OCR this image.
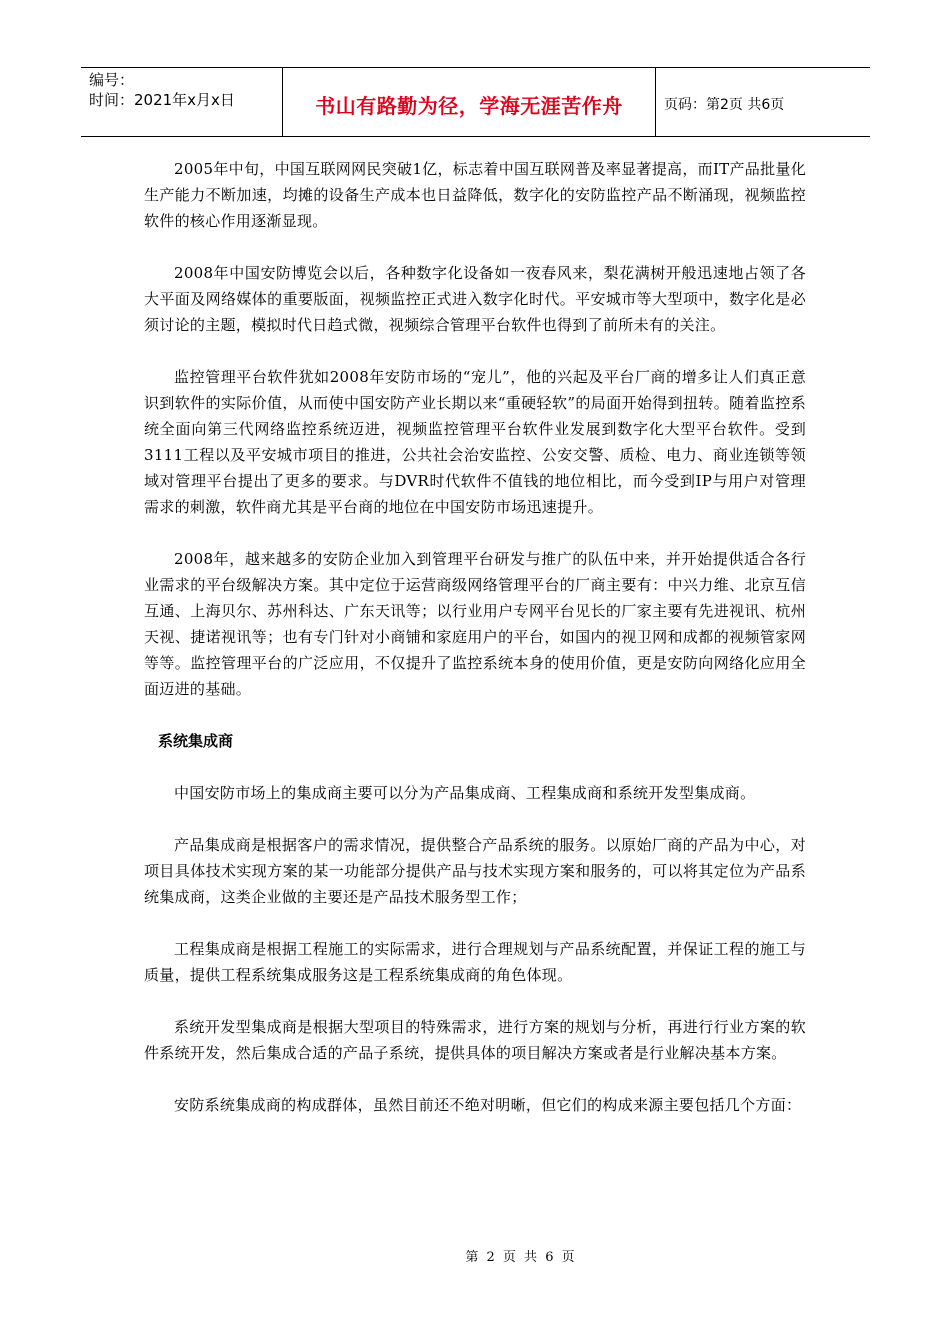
编号：
时间：2021年x月x日	书山有路勤为径，学海无涯苦作舟	页码：第2页 共6页

2005年中旬，中国互联网网民突破1亿，标志着中国互联网普及率显著提高，而IT产品批量化生产能力不断加速，均摊的设备生产成本也日益降低，数字化的安防监控产品不断涌现，视频监控软件的核心作用逐渐显现。

2008年中国安防博览会以后，各种数字化设备如一夜春风来，梨花满树开般迅速地占领了各大平面及网络媒体的重要版面，视频监控正式进入数字化时代。平安城市等大型项中，数字化是必须讨论的主题，模拟时代日趋式微，视频综合管理平台软件也得到了前所未有的关注。

监控管理平台软件犹如2008年安防市场的“宠儿”，他的兴起及平台厂商的增多让人们真正意识到软件的实际价值，从而使中国安防产业长期以来“重硬轻软”的局面开始得到扭转。随着监控系统全面向第三代网络监控系统迈进，视频监控管理平台软件业发展到数字化大型平台软件。受到3111工程以及平安城市项目的推进，公共社会治安监控、公安交警、质检、电力、商业连锁等领域对管理平台提出了更多的要求。与DVR时代软件不值钱的地位相比，而今受到IP与用户对管理需求的刺激，软件商尤其是平台商的地位在中国安防市场迅速提升。

2008年，越来越多的安防企业加入到管理平台研发与推广的队伍中来，并开始提供适合各行业需求的平台级解决方案。其中定位于运营商级网络管理平台的厂商主要有：中兴力维、北京互信互通、上海贝尔、苏州科达、广东天讯等；以行业用户专网平台见长的厂家主要有先进视讯、杭州天视、捷诺视讯等；也有专门针对小商铺和家庭用户的平台，如国内的视卫网和成都的视频管家网等等。监控管理平台的广泛应用，不仅提升了监控系统本身的使用价值，更是安防向网络化应用全面迈进的基础。

系统集成商

中国安防市场上的集成商主要可以分为产品集成商、工程集成商和系统开发型集成商。

产品集成商是根据客户的需求情况，提供整合产品系统的服务。以原始厂商的产品为中心，对项目具体技术实现方案的某一功能部分提供产品与技术实现方案和服务的，可以将其定位为产品系统集成商，这类企业做的主要还是产品技术服务型工作；

工程集成商是根据工程施工的实际需求，进行合理规划与产品系统配置，并保证工程的施工与质量，提供工程系统集成服务这是工程系统集成商的角色体现。

系统开发型集成商是根据大型项目的特殊需求，进行方案的规划与分析，再进行行业方案的软件系统开发，然后集成合适的产品子系统，提供具体的项目解决方案或者是行业解决基本方案。

安防系统集成商的构成群体，虽然目前还不绝对明晰，但它们的构成来源主要包括几个方面：

第 2 页 共 6 页
